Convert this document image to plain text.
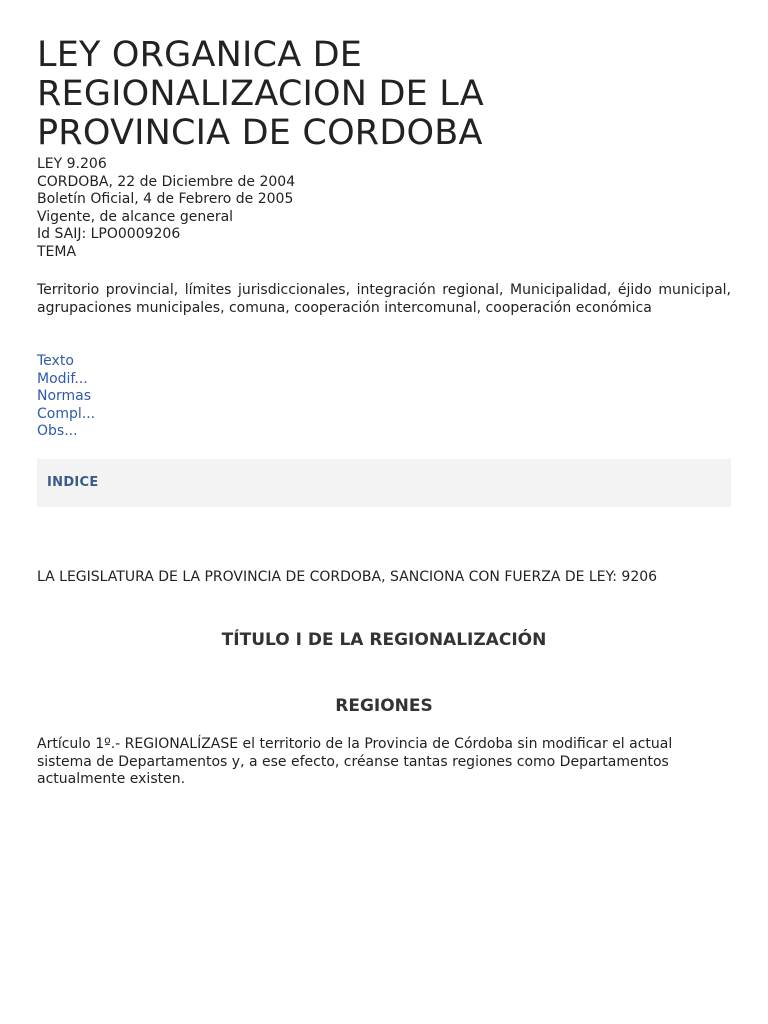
LEY ORGANICA DE REGIONALIZACION DE LA PROVINCIA DE CORDOBA
LEY 9.206
CORDOBA, 22 de Diciembre de 2004
Boletín Oficial, 4 de Febrero de 2005
Vigente, de alcance general
Id SAIJ: LPO0009206
TEMA
Territorio provincial, límites jurisdiccionales, integración regional, Municipalidad, éjido municipal, agrupaciones municipales, comuna, cooperación intercomunal, cooperación económica
Texto
Modif...
Normas
Compl...
Obs...
INDICE
LA LEGISLATURA DE LA PROVINCIA DE CORDOBA, SANCIONA CON FUERZA DE LEY: 9206
TÍTULO I DE LA REGIONALIZACIÓN
REGIONES
Artículo 1º.- REGIONALÍZASE el territorio de la Provincia de Córdoba sin modificar el actual sistema de Departamentos y, a ese efecto, créanse tantas regiones como Departamentos actualmente existen.
